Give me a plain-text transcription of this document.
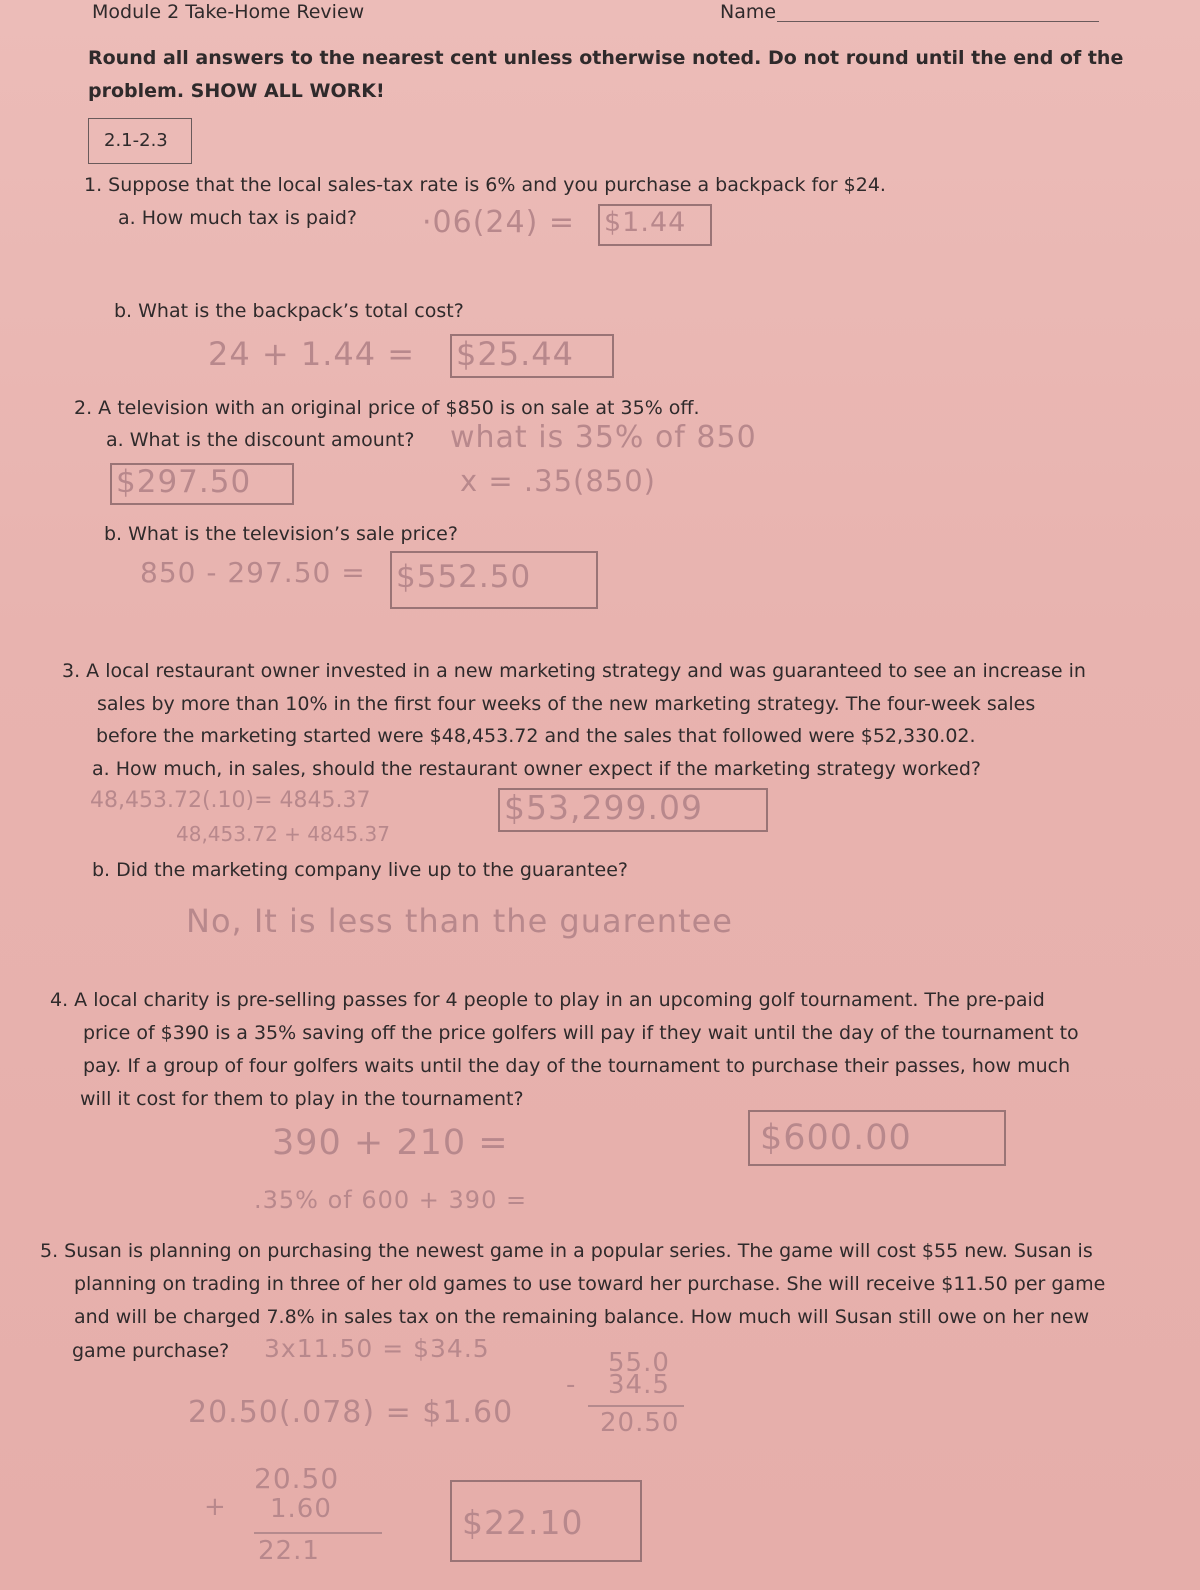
Module 2 Take-Home Review	Name
Round all answers to the nearest cent unless otherwise noted. Do not round until the end of the
problem. SHOW ALL WORK!
2.1-2.3
1. Suppose that the local sales-tax rate is 6% and you purchase a backpack for $24.
a. How much tax is paid? ·06(24) = $1.44
b. What is the backpack’s total cost?
24 + 1.44 = $25.44
2. A television with an original price of $850 is on sale at 35% off.
a. What is the discount amount? what is 35% of 850
$297.50	x = .35(850)
b. What is the television’s sale price?
850 - 297.50 = $552.50
3. A local restaurant owner invested in a new marketing strategy and was guaranteed to see an increase in
sales by more than 10% in the first four weeks of the new marketing strategy. The four-week sales
before the marketing started were $48,453.72 and the sales that followed were $52,330.02.
a. How much, in sales, should the restaurant owner expect if the marketing strategy worked?
48,453.72(.10)= 4845.37
48,453.72 + 4845.37
$53,299.09
b. Did the marketing company live up to the guarantee?
No, It is less than the guarentee
4. A local charity is pre-selling passes for 4 people to play in an upcoming golf tournament. The pre-paid
price of $390 is a 35% saving off the price golfers will pay if they wait until the day of the tournament to
pay. If a group of four golfers waits until the day of the tournament to purchase their passes, how much
will it cost for them to play in the tournament?
390 + 210 =
.35% of 600 + 390 =
$600.00
5. Susan is planning on purchasing the newest game in a popular series. The game will cost $55 new. Susan is
planning on trading in three of her old games to use toward her purchase. She will receive $11.50 per game
and will be charged 7.8% in sales tax on the remaining balance. How much will Susan still owe on her new
game purchase? 3x11.50 = $34.5	55.0
- 34.5
20.50
20.50(.078) = $1.60
+
20.50
1.60
22.1
$22.10
